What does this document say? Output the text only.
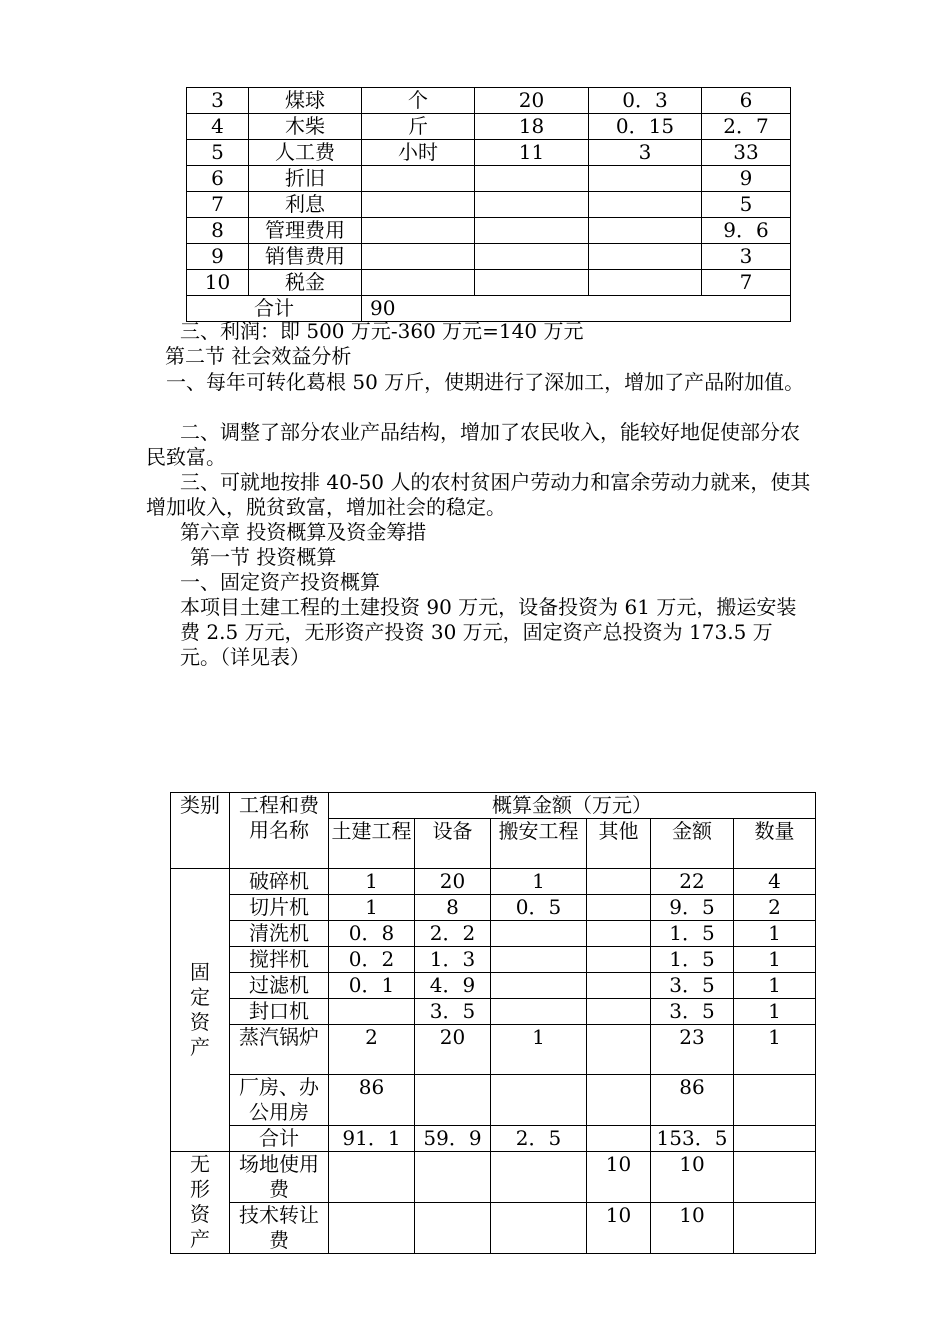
3	煤球	个	20	0．3	6
4	木柴	斤	18	0．15	2．7
5	人工费	小时	11	3	33
6	折旧				9
7	利息				5
8	管理费用				9．6
9	销售费用				3
10	税金				7
合计		90			
三、利润：即 500 万元-360 万元=140 万元
第二节 社会效益分析
一、每年可转化葛根 50 万斤，使期进行了深加工，增加了产品附加值。
二、调整了部分农业产品结构，增加了农民收入，能较好地促使部分农民致富。
三、可就地按排 40-50 人的农村贫困户劳动力和富余劳动力就来，使其增加收入，脱贫致富，增加社会的稳定。
第六章 投资概算及资金筹措
第一节 投资概算
一、固定资产投资概算
本项目土建工程的土建投资 90 万元，设备投资为 61 万元，搬运安装费 2.5 万元，无形资产投资 30 万元，固定资产总投资为 173.5 万元。（详见表）
类别	工程和费用名称	概算金额（万元）					
		土建工程	设备	搬安工程	其他	金额	数量
固定资产	破碎机	1	20	1		22	4
	切片机	1	8	0．5		9．5	2
	清洗机	0．8	2．2			1．5	1
	搅拌机	0．2	1．3			1．5	1
	过滤机	0．1	4．9			3．5	1
	封口机		3．5			3．5	1
	蒸汽锅炉	2	20	1		23	1
	厂房、办公用房	86				86	
	合计	91．1	59．9	2．5		153．5	
无形资产	场地使用费				10	10	
	技术转让费				10	10	
